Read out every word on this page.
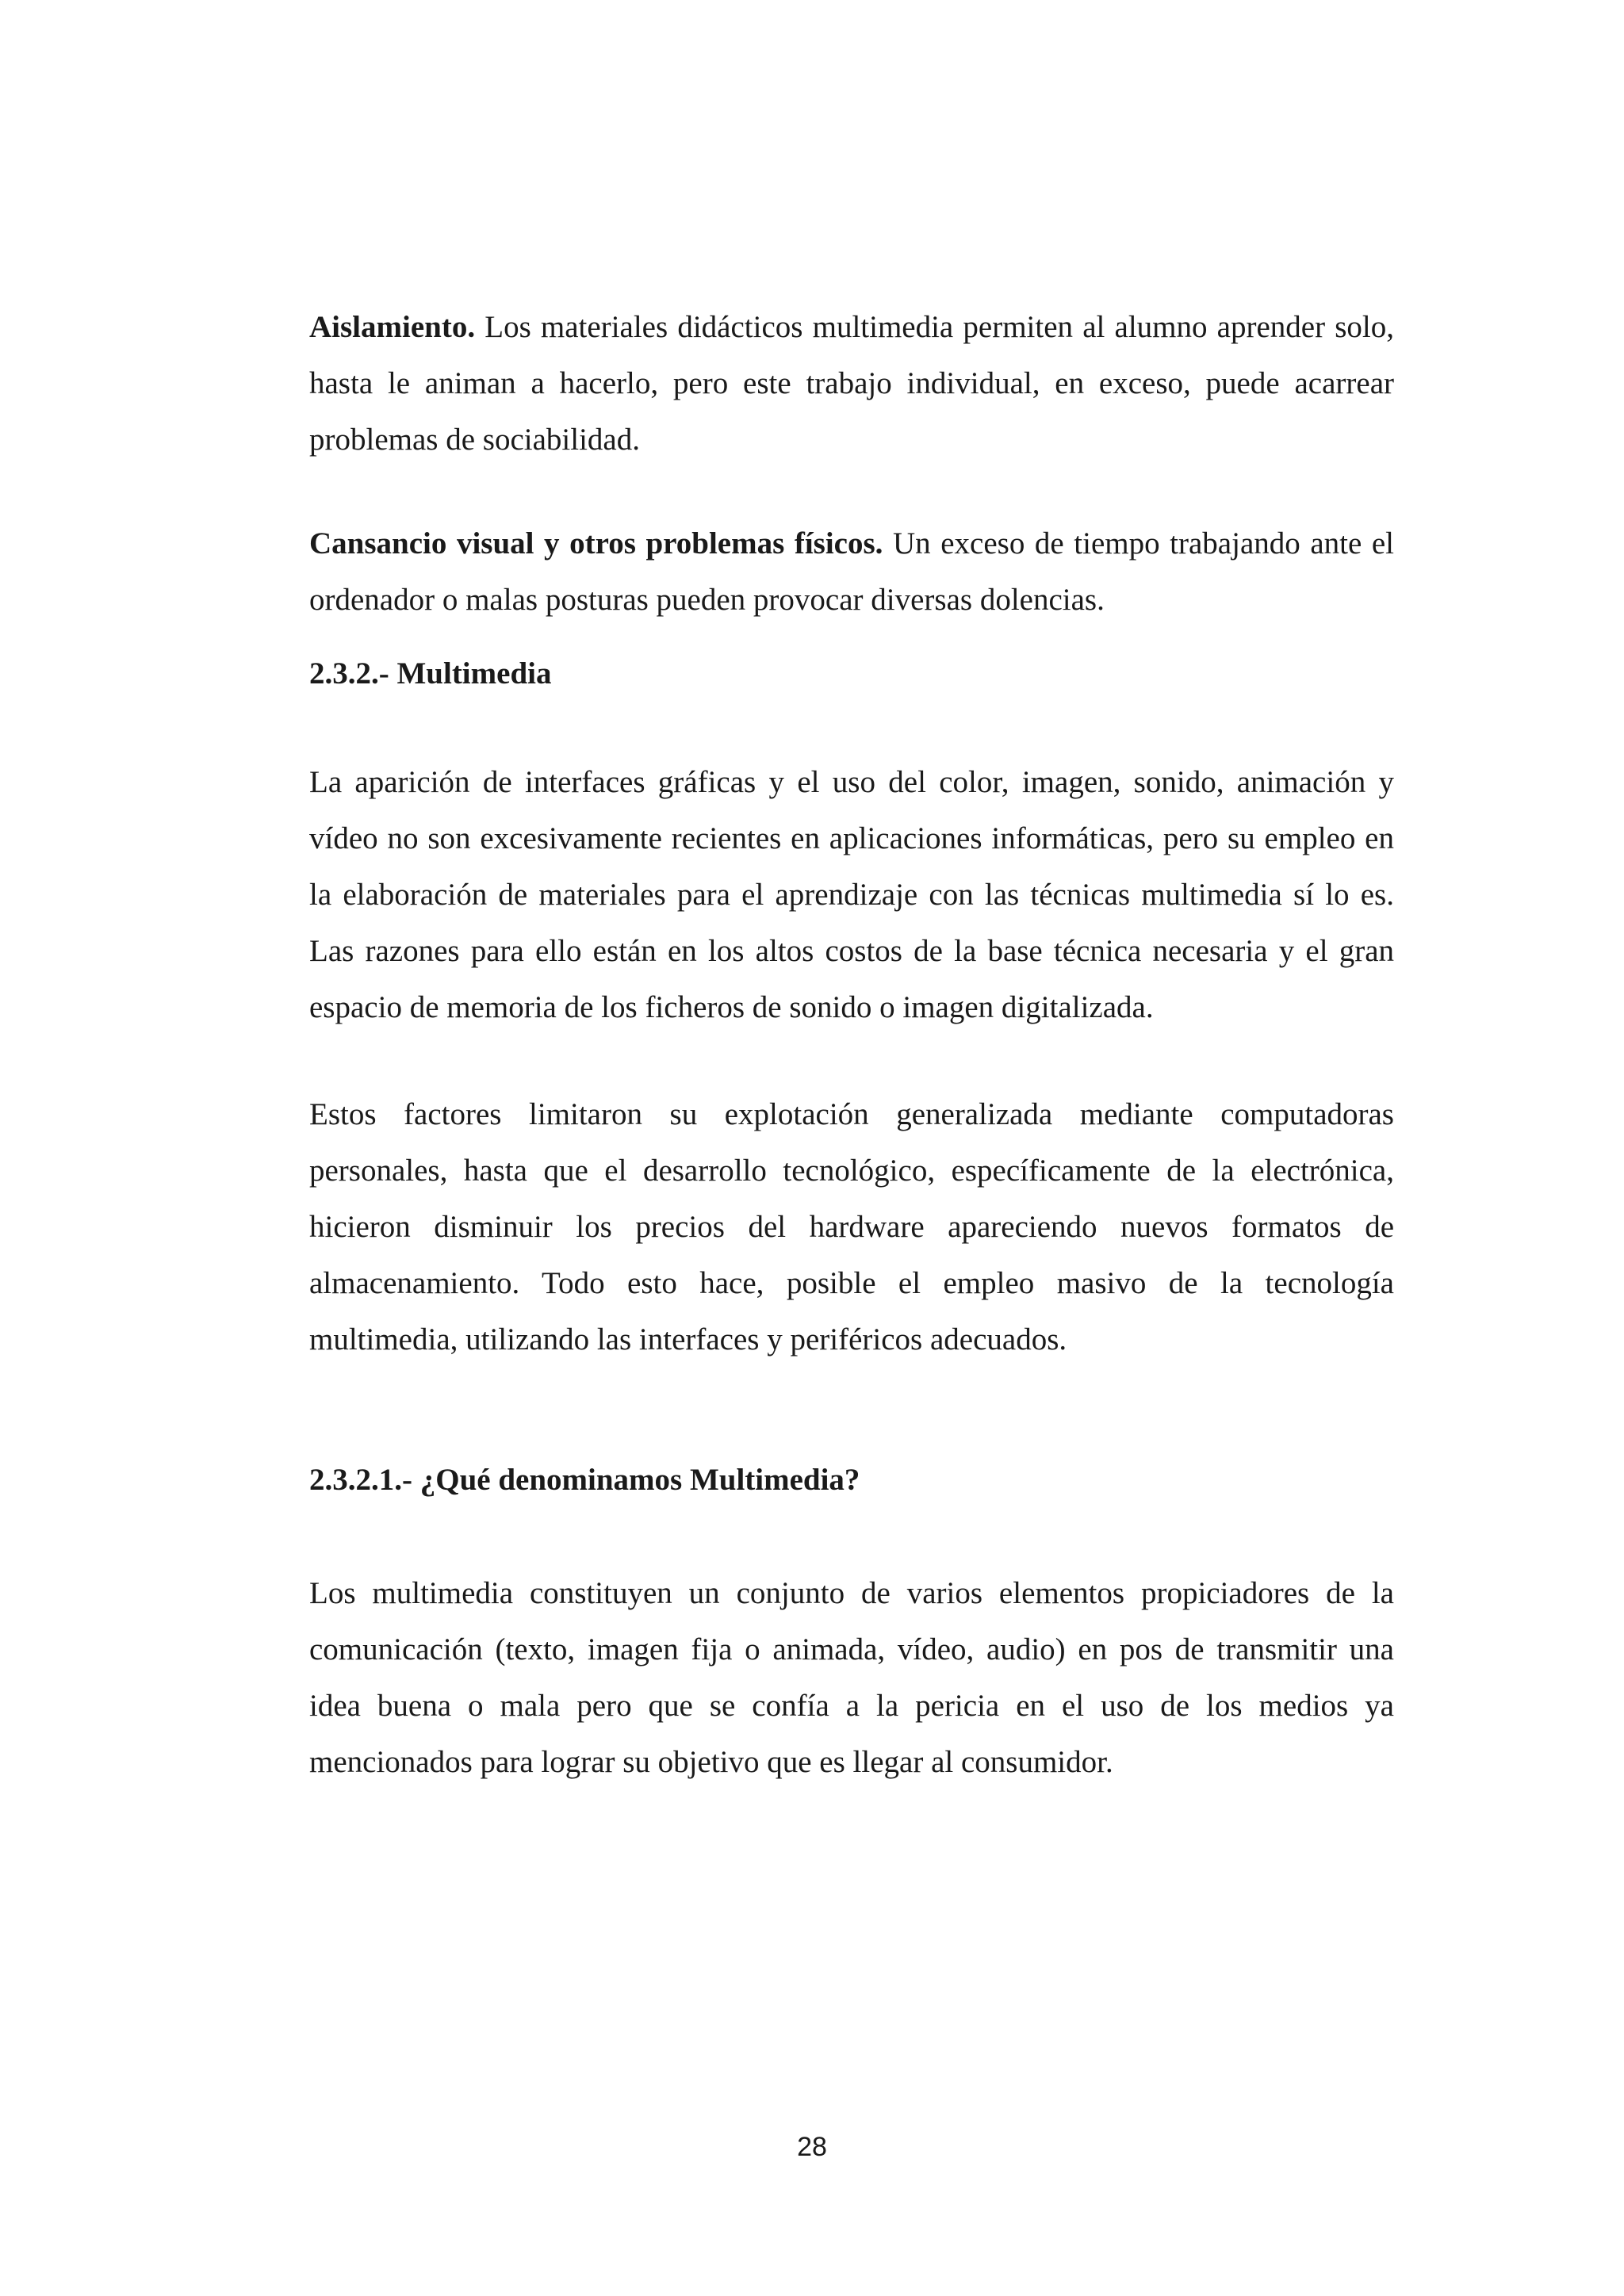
Aislamiento. Los materiales didácticos multimedia permiten al alumno aprender solo, hasta le animan a hacerlo, pero este trabajo individual, en exceso, puede acarrear problemas de sociabilidad.

Cansancio visual y otros problemas físicos. Un exceso de tiempo trabajando ante el ordenador o malas posturas pueden provocar diversas dolencias.

2.3.2.- Multimedia

La aparición de interfaces gráficas y el uso del color, imagen, sonido, animación y vídeo no son excesivamente recientes en aplicaciones informáticas, pero su empleo en la elaboración de materiales para el aprendizaje con las técnicas multimedia sí lo es. Las razones para ello están en los altos costos de la base técnica necesaria y el gran espacio de memoria de los ficheros de sonido o imagen digitalizada.

Estos factores limitaron su explotación generalizada mediante computadoras personales, hasta que el desarrollo tecnológico, específicamente de la electrónica, hicieron disminuir los precios del hardware apareciendo nuevos formatos de almacenamiento. Todo esto hace, posible el empleo masivo de la tecnología multimedia, utilizando las interfaces y periféricos adecuados.

2.3.2.1.- ¿Qué denominamos Multimedia?

Los multimedia constituyen un conjunto de varios elementos propiciadores de la comunicación (texto, imagen fija o animada, vídeo, audio) en pos de transmitir una idea buena o mala pero que se confía a la pericia en el uso de los medios ya mencionados para lograr su objetivo que es llegar al consumidor.

28
